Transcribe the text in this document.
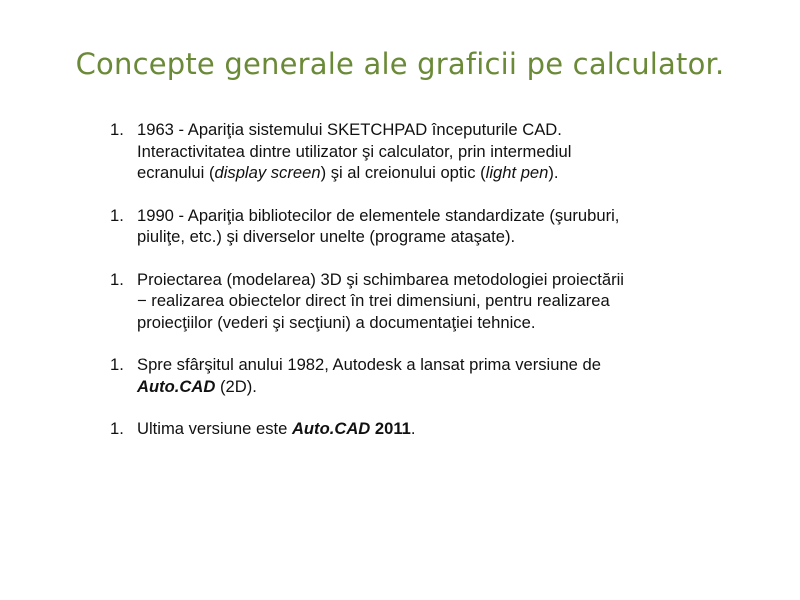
Concepte generale ale graficii pe calculator.
1. 1963 - Apariţia sistemului SKETCHPAD începuturile CAD.
Interactivitatea dintre utilizator şi calculator, prin intermediul
ecranului (display screen) şi al creionului optic (light pen).
1. 1990 - Apariţia bibliotecilor de elementele standardizate (şuruburi,
piuliţe, etc.) şi diverselor unelte (programe ataşate).
1. Proiectarea (modelarea) 3D şi schimbarea metodologiei proiectării
− realizarea obiectelor direct în trei dimensiuni, pentru realizarea
proiecţiilor (vederi şi secţiuni) a documentaţiei tehnice.
1. Spre sfârşitul anului 1982, Autodesk a lansat prima versiune de
Auto.CAD (2D).
1. Ultima versiune este Auto.CAD 2011.
